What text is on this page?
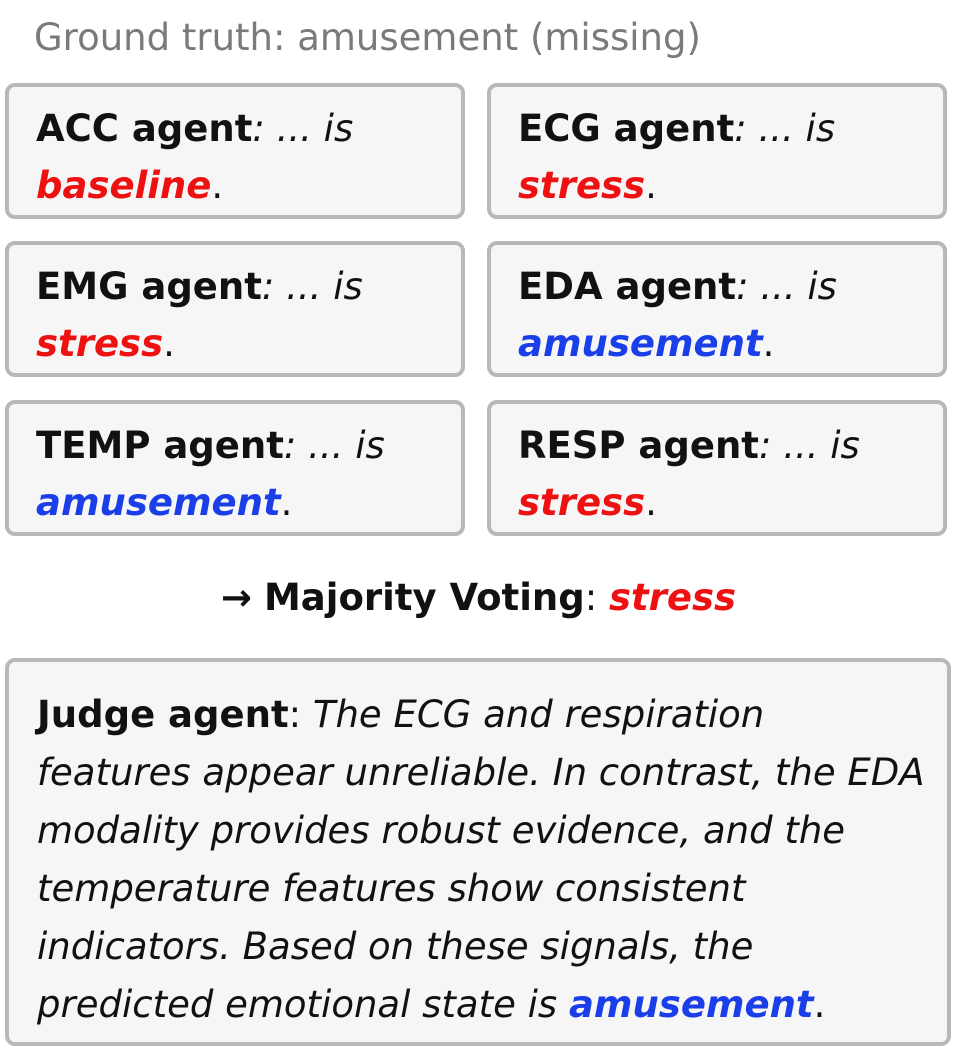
Ground truth: amusement (missing)
ACC agent: ... is
baseline.
ECG agent: ... is
stress.
EMG agent: ... is
stress.
EDA agent: ... is
amusement.
TEMP agent: ... is
amusement.
RESP agent: ... is
stress.
→ Majority Voting: stress
Judge agent: The ECG and respiration features appear unreliable. In contrast, the EDA modality provides robust evidence, and the temperature features show consistent indicators. Based on these signals, the predicted emotional state is amusement.
